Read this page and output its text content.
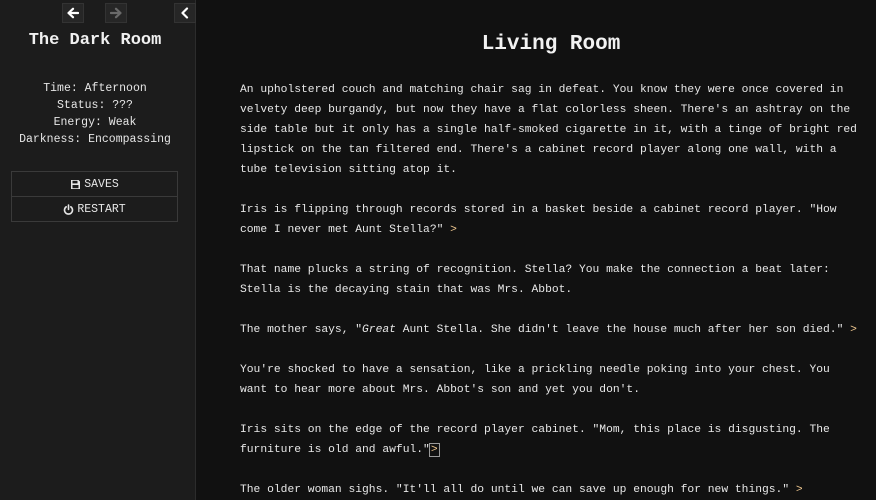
The Dark Room
Time: Afternoon
Status: ???
Energy: Weak
Darkness: Encompassing
SAVES
RESTART
Living Room

An upholstered couch and matching chair sag in defeat. You know they were once covered in velvety deep burgandy, but now they have a flat colorless sheen. There's an ashtray on the side table but it only has a single half-smoked cigarette in it, with a tinge of bright red lipstick on the tan filtered end. There's a cabinet record player along one wall, with a tube television sitting atop it.

Iris is flipping through records stored in a basket beside a cabinet record player. "How come I never met Aunt Stella?" >

That name plucks a string of recognition. Stella? You make the connection a beat later: Stella is the decaying stain that was Mrs. Abbot.

The mother says, "Great Aunt Stella. She didn't leave the house much after her son died." >

You're shocked to have a sensation, like a prickling needle poking into your chest. You want to hear more about Mrs. Abbot's son and yet you don't.

Iris sits on the edge of the record player cabinet. "Mom, this place is disgusting. The furniture is old and awful.">

The older woman sighs. "It'll all do until we can save up enough for new things." >
